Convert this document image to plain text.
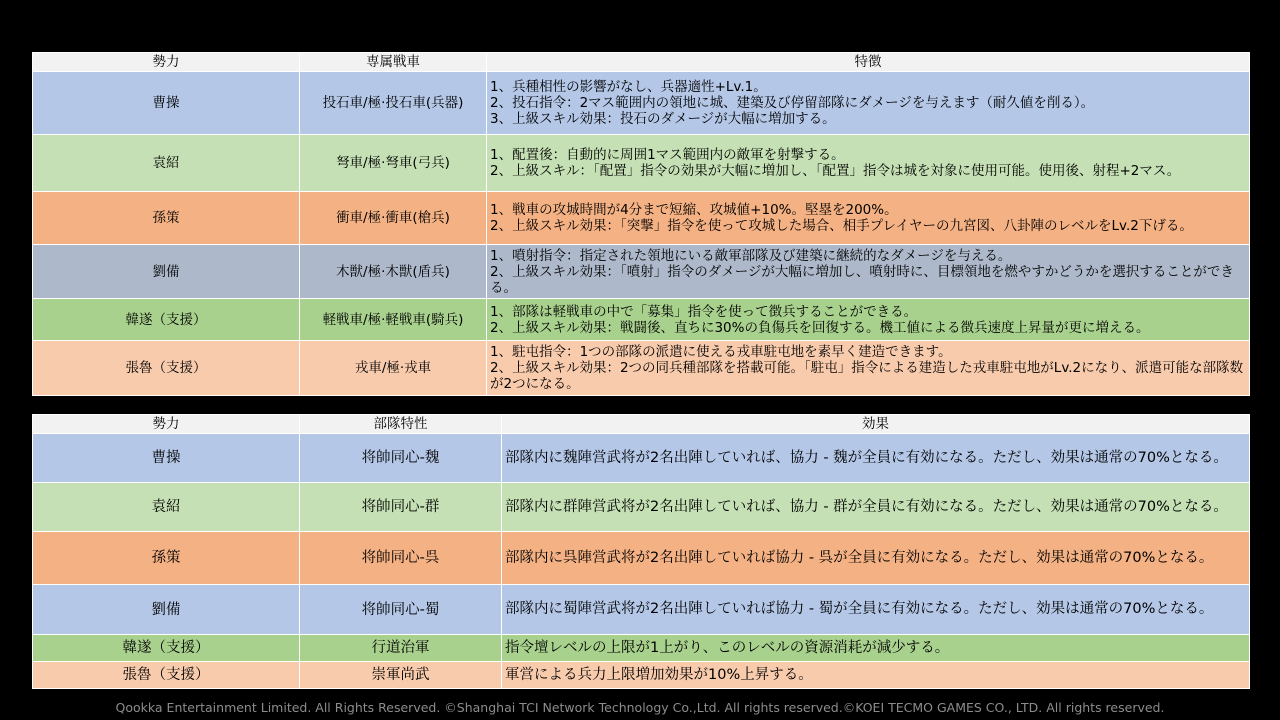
勢力	専属戦車	特徴
曹操	投石車/極·投石車(兵器)	1、兵種相性の影響がなし、兵器適性+Lv.1。
2、投石指令：2マス範囲内の領地に城、建築及び停留部隊にダメージを与えます（耐久値を削る）。
3、上級スキル効果：投石のダメージが大幅に増加する。

袁紹	弩車/極·弩車(弓兵)	1、配置後：自動的に周囲1マス範囲内の敵軍を射撃する。
2、上級スキル：「配置」指令の効果が大幅に増加し、「配置」指令は城を対象に使用可能。使用後、射程+2マス。

孫策	衝車/極·衝車(槍兵)	1、戦車の攻城時間が4分まで短縮、攻城値+10%。堅塁を200%。
2、上級スキル効果：「突撃」指令を使って攻城した場合、相手プレイヤーの九宮図、八卦陣のレベルをLv.2下げる。

劉備	木獣/極·木獣(盾兵)	1、噴射指令：指定された領地にいる敵軍部隊及び建築に継続的なダメージを与える。
2、上級スキル効果：「噴射」指令のダメージが大幅に増加し、噴射時に、目標領地を燃やすかどうかを選択することができる。

韓遂（支援）	軽戦車/極·軽戦車(騎兵)	1、部隊は軽戦車の中で「募集」指令を使って徴兵することができる。
2、上級スキル効果：戦闘後、直ちに30%の負傷兵を回復する。機工値による徴兵速度上昇量が更に増える。

張魯（支援）	戎車/極·戎車	1、駐屯指令：1つの部隊の派遣に使える戎車駐屯地を素早く建造できます。
2、上級スキル効果：2つの同兵種部隊を搭載可能。「駐屯」指令による建造した戎車駐屯地がLv.2になり、派遣可能な部隊数が2つになる。
勢力	部隊特性	効果
曹操	将帥同心-魏	部隊内に魏陣営武将が2名出陣していれば、協力 - 魏が全員に有効になる。ただし、効果は通常の70%となる。
袁紹	将帥同心-群	部隊内に群陣営武将が2名出陣していれば、協力 - 群が全員に有効になる。ただし、効果は通常の70%となる。
孫策	将帥同心-呉	部隊内に呉陣営武将が2名出陣していれば協力 - 呉が全員に有効になる。ただし、効果は通常の70%となる。
劉備	将帥同心-蜀	部隊内に蜀陣営武将が2名出陣していれば協力 - 蜀が全員に有効になる。ただし、効果は通常の70%となる。
韓遂（支援）	行道治軍	指令壇レベルの上限が1上がり、このレベルの資源消耗が減少する。
張魯（支援）	崇軍尚武	軍営による兵力上限増加効果が10%上昇する。
Qookka Entertainment Limited. All Rights Reserved. ©Shanghai TCI Network Technology Co.,Ltd. All rights reserved.©KOEI TECMO GAMES CO., LTD. All rights reserved.
